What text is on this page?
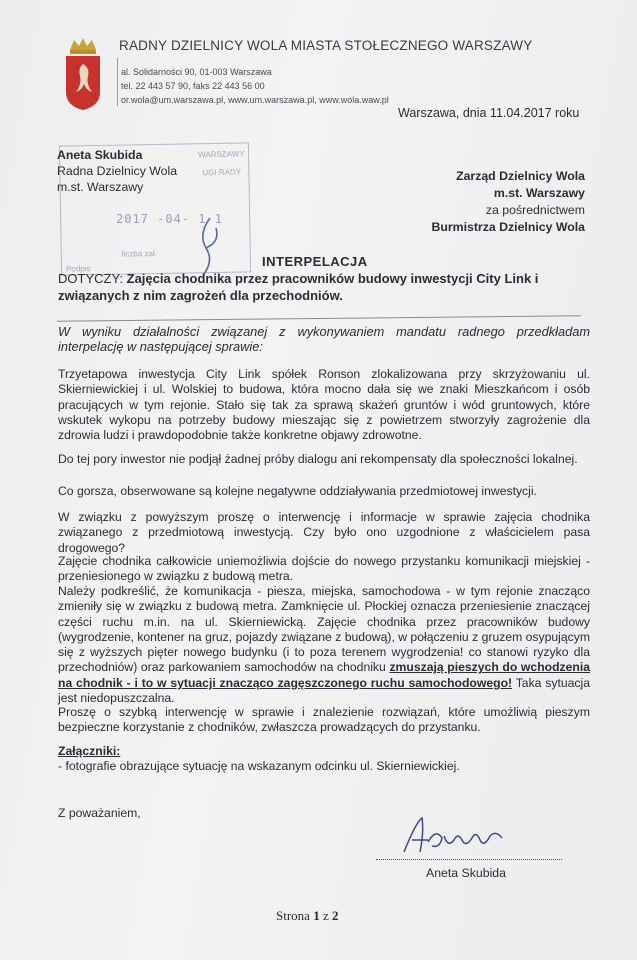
RADNY DZIELNICY WOLA MIASTA STOŁECZNEGO WARSZAWY
al. Solidarności 90, 01-003 Warszawa
tel. 22 443 57 90, faks 22 443 56 00
or.wola@um.warszawa.pl, www.um.warszawa.pl, www.wola.waw.pl
Warszawa, dnia 11.04.2017 roku
WARSZAWY
UGI RADY
liczba zał.
Podpis
2017 -04- 1 1
Aneta Skubida
Radna Dzielnicy Wola
m.st. Warszawy
Zarząd Dzielnicy Wola
m.st. Warszawy
za pośrednictwem
Burmistrza Dzielnicy Wola
INTERPELACJA
DOTYCZY: Zajęcia chodnika przez pracowników budowy inwestycji City Link i związanych z nim zagrożeń dla przechodniów.
W wyniku działalności związanej z wykonywaniem mandatu radnego przedkładam interpelację w następującej sprawie:
Trzyetapowa inwestycja City Link spółek Ronson zlokalizowana przy skrzyżowaniu ul. Skierniewickiej i ul. Wolskiej to budowa, która mocno dała się we znaki Mieszkańcom i osób pracujących w tym rejonie. Stało się tak za sprawą skażeń gruntów i wód gruntowych, które wskutek wykopu na potrzeby budowy mieszając się z powietrzem stworzyły zagrożenie dla zdrowia ludzi i prawdopodobnie także konkretne objawy zdrowotne.
Do tej pory inwestor nie podjął żadnej próby dialogu ani rekompensaty dla społeczności lokalnej.
Co gorsza, obserwowane są kolejne negatywne oddziaływania przedmiotowej inwestycji.
W związku z powyższym proszę o interwencję i informacje w sprawie zajęcia chodnika związanego z przedmiotową inwestycją. Czy było ono uzgodnione z właścicielem pasa drogowego?
Zajęcie chodnika całkowicie uniemożliwia dojście do nowego przystanku komunikacji miejskiej - przeniesionego w związku z budową metra.
Należy podkreślić, że komunikacja - piesza, miejska, samochodowa - w tym rejonie znacząco zmieniły się w związku z budową metra. Zamknięcie ul. Płockiej oznacza przeniesienie znaczącej części ruchu m.in. na ul. Skierniewicką. Zajęcie chodnika przez pracowników budowy (wygrodzenie, kontener na gruz, pojazdy związane z budową), w połączeniu z gruzem osypującym się z wyższych pięter nowego budynku (i to poza terenem wygrodzenia! co stanowi ryzyko dla przechodniów) oraz parkowaniem samochodów na chodniku zmuszają pieszych do wchodzenia na chodnik - i to w sytuacji znacząco zagęszczonego ruchu samochodowego! Taka sytuacja jest niedopuszczalna.
Proszę o szybką interwencję w sprawie i znalezienie rozwiązań, które umożliwią pieszym bezpieczne korzystanie z chodników, zwłaszcza prowadzących do przystanku.
Załączniki:
- fotografie obrazujące sytuację na wskazanym odcinku ul. Skierniewickiej.
Z poważaniem,
Aneta Skubida
Strona 1 z 2
